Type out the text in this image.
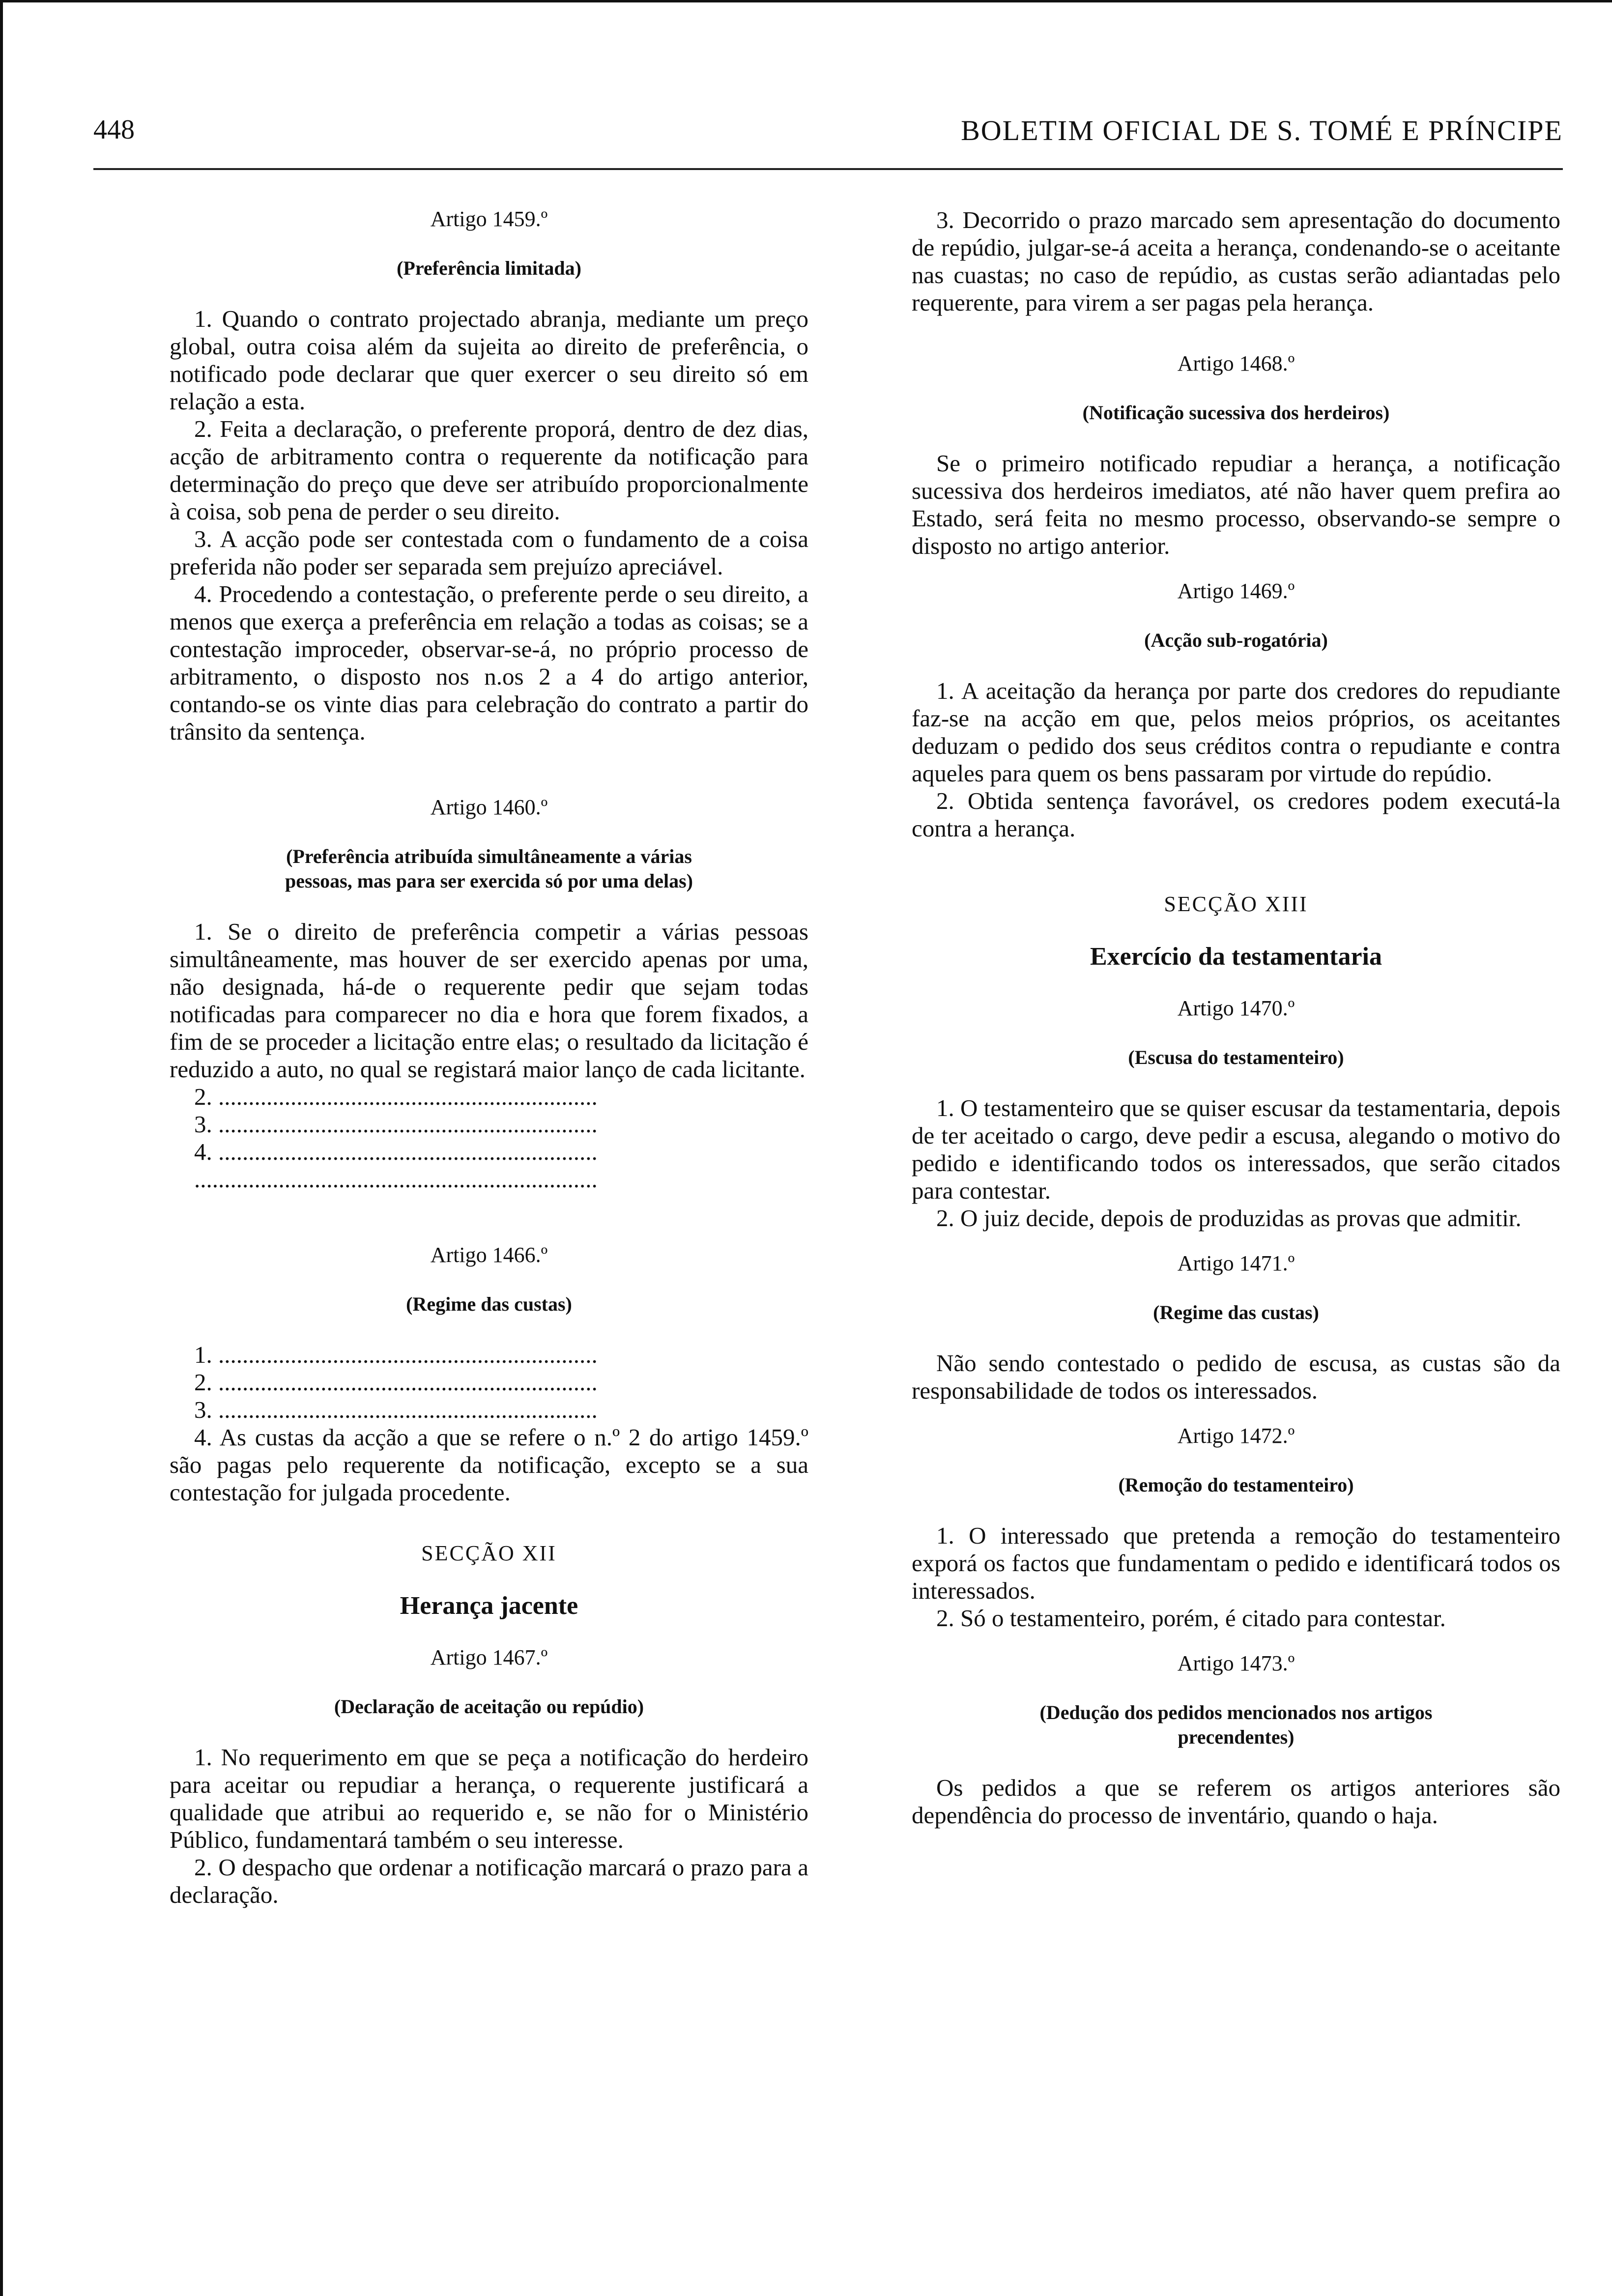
448	BOLETIM OFICIAL DE S. TOMÉ E PRÍNCIPE
Artigo 1459.º
(Preferência limitada)

1. Quando o contrato projectado abranja, mediante um preço global, outra coisa além da sujeita ao direito de preferência, o notificado pode declarar que quer exercer o seu direito só em relação a esta.

2. Feita a declaração, o preferente proporá, dentro de dez dias, acção de arbitramento contra o requerente da notificação para determinação do preço que deve ser atribuído proporcionalmente à coisa, sob pena de perder o seu direito.

3. A acção pode ser contestada com o fundamento de a coisa preferida não poder ser separada sem prejuízo apreciável.

4. Procedendo a contestação, o preferente perde o seu direito, a menos que exerça a preferência em relação a todas as coisas; se a contestação improceder, observar-se-á, no próprio processo de arbitramento, o disposto nos n.os 2 a 4 do artigo anterior, contando-se os vinte dias para celebração do contrato a partir do trânsito da sentença.

Artigo 1460.º
(Preferência atribuída simultâneamente a várias
pessoas, mas para ser exercida só por uma delas)

1. Se o direito de preferência competir a várias pessoas simultâneamente, mas houver de ser exercido apenas por uma, não designada, há-de o requerente pedir que sejam todas notificadas para comparecer no dia e hora que forem fixados, a fim de se proceder a licitação entre elas; o resultado da licitação é reduzido a auto, no qual se registará maior lanço de cada licitante.

2. ...............................................................

3. ...............................................................

4. ...............................................................

...................................................................

Artigo 1466.º
(Regime das custas)

1. ...............................................................

2. ...............................................................

3. ...............................................................

4. As custas da acção a que se refere o n.º 2 do artigo 1459.º são pagas pelo requerente da notificação, excepto se a sua contestação for julgada procedente.

SECÇÃO XII
Herança jacente
Artigo 1467.º
(Declaração de aceitação ou repúdio)

1. No requerimento em que se peça a notificação do herdeiro para aceitar ou repudiar a herança, o requerente justificará a qualidade que atribui ao requerido e, se não for o Ministério Público, fundamentará também o seu interesse.

2. O despacho que ordenar a notificação marcará o prazo para a declaração.

3. Decorrido o prazo marcado sem apresentação do documento de repúdio, julgar-se-á aceita a herança, condenando-se o aceitante nas cuastas; no caso de repúdio, as custas serão adiantadas pelo requerente, para virem a ser pagas pela herança.

Artigo 1468.º
(Notificação sucessiva dos herdeiros)

Se o primeiro notificado repudiar a herança, a notificação sucessiva dos herdeiros imediatos, até não haver quem prefira ao Estado, será feita no mesmo processo, observando-se sempre o disposto no artigo anterior.

Artigo 1469.º
(Acção sub-rogatória)

1. A aceitação da herança por parte dos credores do repudiante faz-se na acção em que, pelos meios próprios, os aceitantes deduzam o pedido dos seus créditos contra o repudiante e contra aqueles para quem os bens passaram por virtude do repúdio.

2. Obtida sentença favorável, os credores podem executá-la contra a herança.

SECÇÃO XIII
Exercício da testamentaria
Artigo 1470.º
(Escusa do testamenteiro)

1. O testamenteiro que se quiser escusar da testamentaria, depois de ter aceitado o cargo, deve pedir a escusa, alegando o motivo do pedido e identificando todos os interessados, que serão citados para contestar.

2. O juiz decide, depois de produzidas as provas que admitir.

Artigo 1471.º
(Regime das custas)

Não sendo contestado o pedido de escusa, as custas são da responsabilidade de todos os interessados.

Artigo 1472.º
(Remoção do testamenteiro)

1. O interessado que pretenda a remoção do testamenteiro exporá os factos que fundamentam o pedido e identificará todos os interessados.

2. Só o testamenteiro, porém, é citado para contestar.

Artigo 1473.º
(Dedução dos pedidos mencionados nos artigos
precendentes)

Os pedidos a que se referem os artigos anteriores são dependência do processo de inventário, quando o haja.
